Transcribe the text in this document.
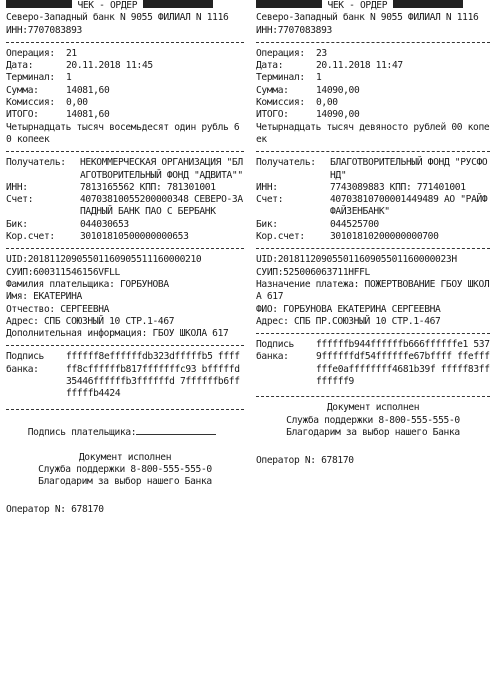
ЧЕК - ОРДЕР
Северо-Западный банк N 9055 ФИЛИАЛ N 1116
ИНН:7707083893
Операция:	21
Дата:	20.11.2018 11:45
Терминал:	1
Сумма:	14081,60
Комиссия:	0,00
ИТОГО:	14081,60
Четырнадцать тысяч восемьдесят один рубль 60 копеек
Получатель:	НЕКОММЕРЧЕСКАЯ ОРГАНИЗАЦИЯ "БЛАГОТВОРИТЕЛЬНЫЙ ФОНД "АДВИТА""
ИНН:	7813165562 КПП: 781301001
Счет:	40703810055200000348 СЕВЕРО-ЗАПАДНЫЙ БАНК ПАО С БЕРБАНК
Бик:	044030653
Кор.счет:	30101810500000000653
UID:20181120905501160905511160000210
СУИП:600311546156VFLL
Фамилия плательщика: ГОРБУНОВА
Имя: ЕКАТЕРИНА
Отчество: СЕРГЕЕВНА
Адрес: СПБ СОЮЗНЫЙ 10 СТР.1-467
Дополнительная информация: ГБОУ ШКОЛА 617
Подпись банка:
ffffff8effffffdb323dfffffb5 ffffff8cffffffb817fffffffc93 bfffffd35446ffffffb3ffffffd 7ffffffb6fffffffb4424

Подпись плательщика:

Документ исполнен
Служба поддержки 8-800-555-555-0
Благодарим за выбор нашего Банка
Оператор N: 678170
ЧЕК - ОРДЕР
Северо-Западный банк N 9055 ФИЛИАЛ N 1116
ИНН:7707083893
Операция:	23
Дата:	20.11.2018 11:47
Терминал:	1
Сумма:	14090,00
Комиссия:	0,00
ИТОГО:	14090,00
Четырнадцать тысяч девяносто рублей 00 копеек
Получатель:	БЛАГОТВОРИТЕЛЬНЫЙ ФОНД "РУСФОНД"
ИНН:	7743089883 КПП: 771401001
Счет:	40703810700001449489 АО "РАЙФФАЙЗЕНБАНК"
Бик:	044525700
Кор.счет:	30101810200000000700
UID:20181120905501160905501160000023H
СУИП:525006063711HFFL
Назначение платежа: ПОЖЕРТВОВАНИЕ ГБОУ ШКОЛА 617
ФИО: ГОРБУНОВА ЕКАТЕРИНА СЕРГЕЕВНА
Адрес: СПБ ПР.СОЮЗНЫЙ 10 СТР.1-467
Подпись банка:
ffffffb944ffffffb666ffffffe1 5379ffffffdf54ffffffe67bffff ffeffffffe0affffffff4681b39f fffff83ffffffff9
Документ исполнен
Служба поддержки 8-800-555-555-0
Благодарим за выбор нашего Банка
Оператор N: 678170
